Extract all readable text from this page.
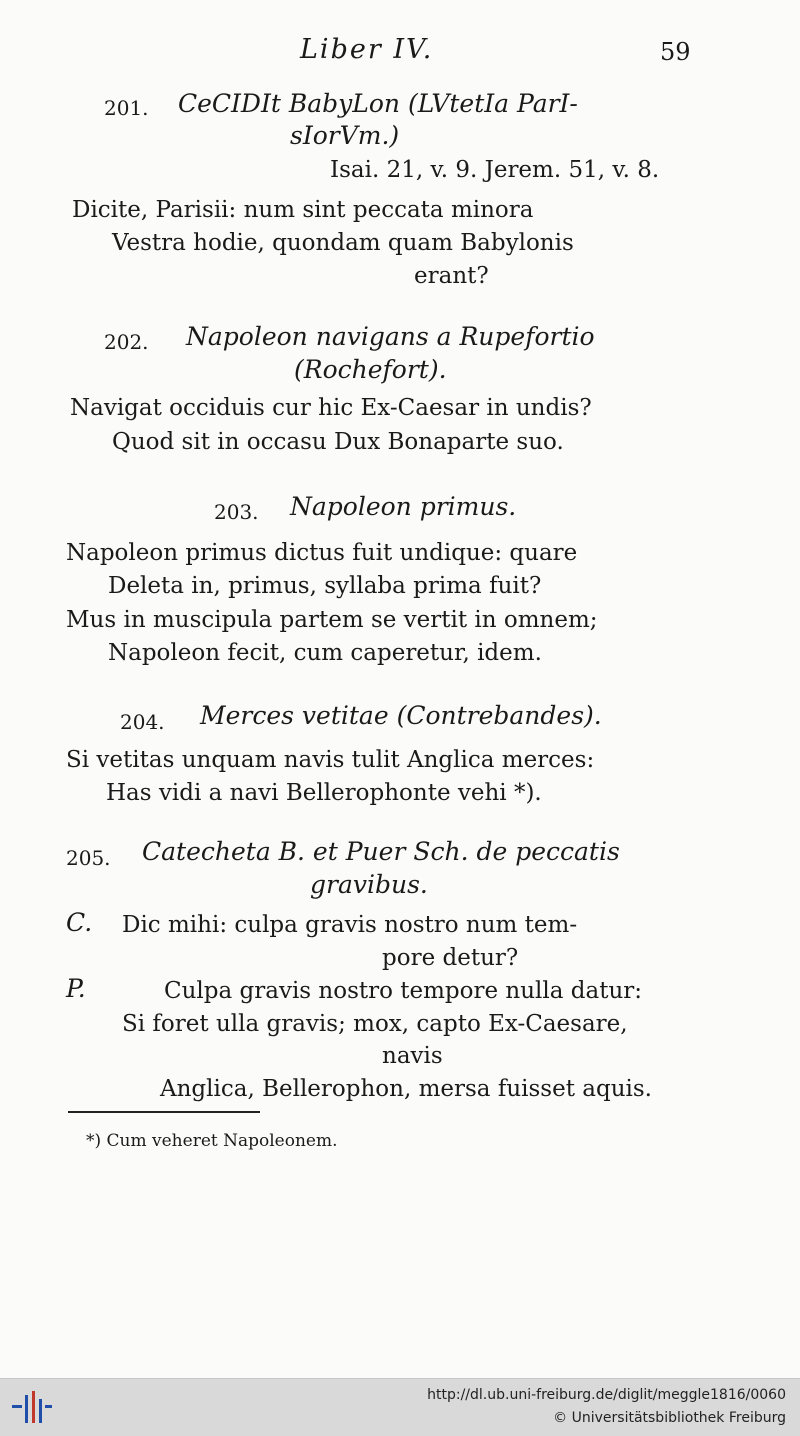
Liber IV.	59
201. CeCIDIt BabyLon (LVtetIa ParI-
sIorVm.)
Isai. 21, v. 9. Jerem. 51, v. 8.
Dicite, Parisii: num sint peccata minora
Vestra hodie, quondam quam Babylonis
erant?
202. Napoleon navigans a Rupefortio
(Rochefort).
Navigat occiduis cur hic Ex-Caesar in undis?
Quod sit in occasu Dux Bonaparte suo.
203. Napoleon primus.
Napoleon primus dictus fuit undique: quare
Deleta in, primus, syllaba prima fuit?
Mus in muscipula partem se vertit in omnem;
Napoleon fecit, cum caperetur, idem.
204. Merces vetitae (Contrebandes).
Si vetitas unquam navis tulit Anglica merces:
Has vidi a navi Bellerophonte vehi *).
205. Catecheta B. et Puer Sch. de peccatis
gravibus.
C. Dic mihi: culpa gravis nostro num tem-
pore detur?
P.	Culpa gravis nostro tempore nulla datur:
Si foret ulla gravis; mox, capto Ex-Caesare,
navis
Anglica, Bellerophon, mersa fuisset aquis.
*) Cum veheret Napoleonem.
http://dl.ub.uni-freiburg.de/diglit/meggle1816/0060
© Universitätsbibliothek Freiburg
